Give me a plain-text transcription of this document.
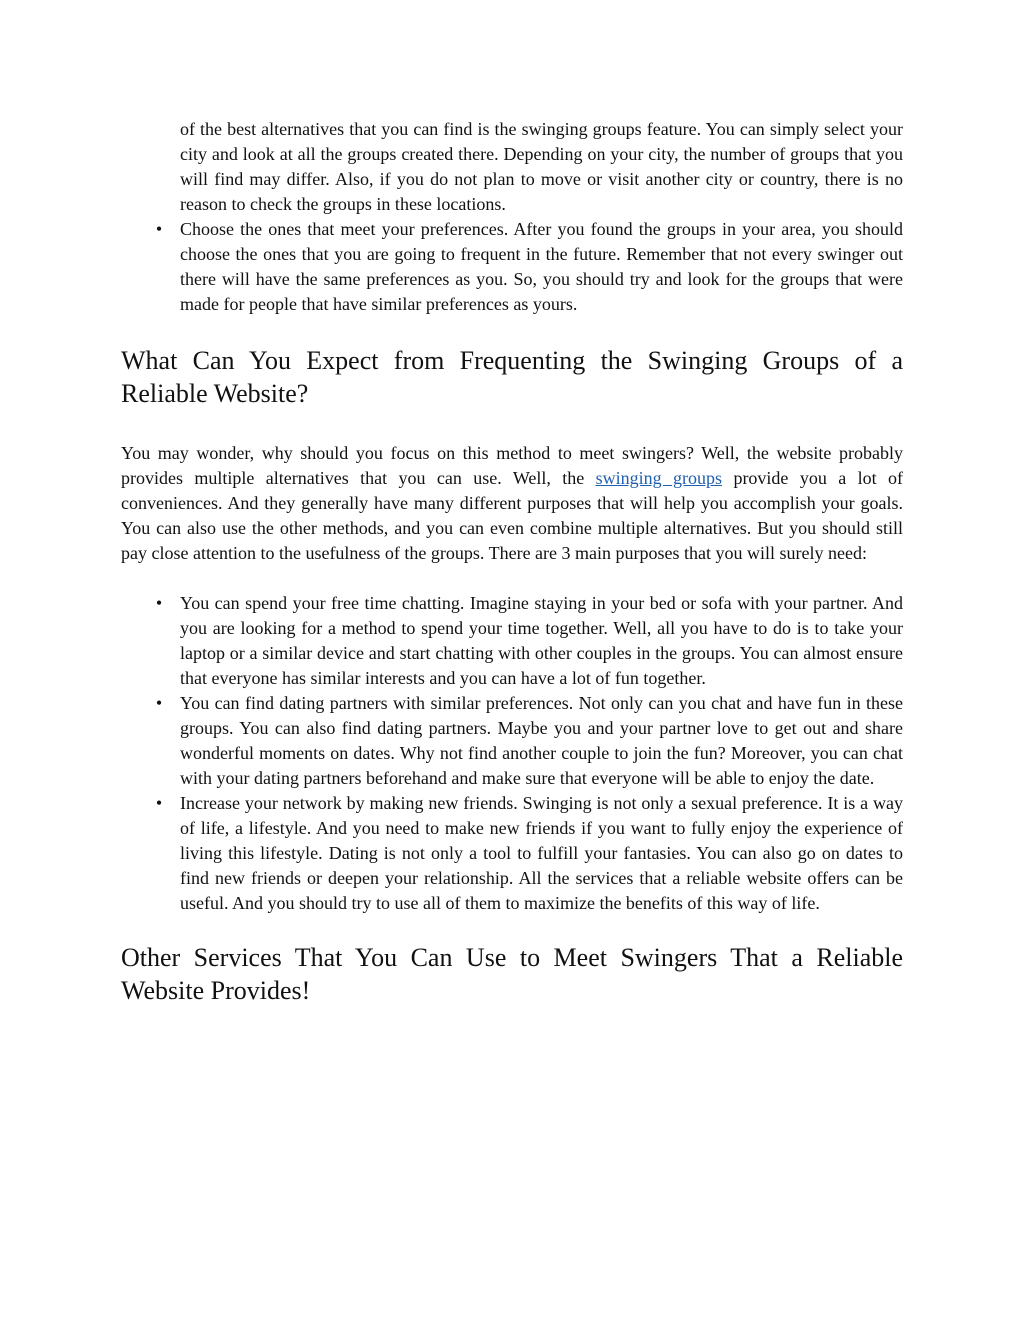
of the best alternatives that you can find is the swinging groups feature. You can simply select your city and look at all the groups created there. Depending on your city, the number of groups that you will find may differ. Also, if you do not plan to move or visit another city or country, there is no reason to check the groups in these locations.
• Choose the ones that meet your preferences. After you found the groups in your area, you should choose the ones that you are going to frequent in the future. Remember that not every swinger out there will have the same preferences as you. So, you should try and look for the groups that were made for people that have similar preferences as yours.
What Can You Expect from Frequenting the Swinging Groups of a Reliable Website?

You may wonder, why should you focus on this method to meet swingers? Well, the website probably provides multiple alternatives that you can use. Well, the swinging groups provide you a lot of conveniences. And they generally have many different purposes that will help you accomplish your goals. You can also use the other methods, and you can even combine multiple alternatives. But you should still pay close attention to the usefulness of the groups. There are 3 main purposes that you will surely need:

• You can spend your free time chatting. Imagine staying in your bed or sofa with your partner. And you are looking for a method to spend your time together. Well, all you have to do is to take your laptop or a similar device and start chatting with other couples in the groups. You can almost ensure that everyone has similar interests and you can have a lot of fun together.
• You can find dating partners with similar preferences. Not only can you chat and have fun in these groups. You can also find dating partners. Maybe you and your partner love to get out and share wonderful moments on dates. Why not find another couple to join the fun? Moreover, you can chat with your dating partners beforehand and make sure that everyone will be able to enjoy the date.
• Increase your network by making new friends. Swinging is not only a sexual preference. It is a way of life, a lifestyle. And you need to make new friends if you want to fully enjoy the experience of living this lifestyle. Dating is not only a tool to fulfill your fantasies. You can also go on dates to find new friends or deepen your relationship. All the services that a reliable website offers can be useful. And you should try to use all of them to maximize the benefits of this way of life.
Other Services That You Can Use to Meet Swingers That a Reliable Website Provides!
